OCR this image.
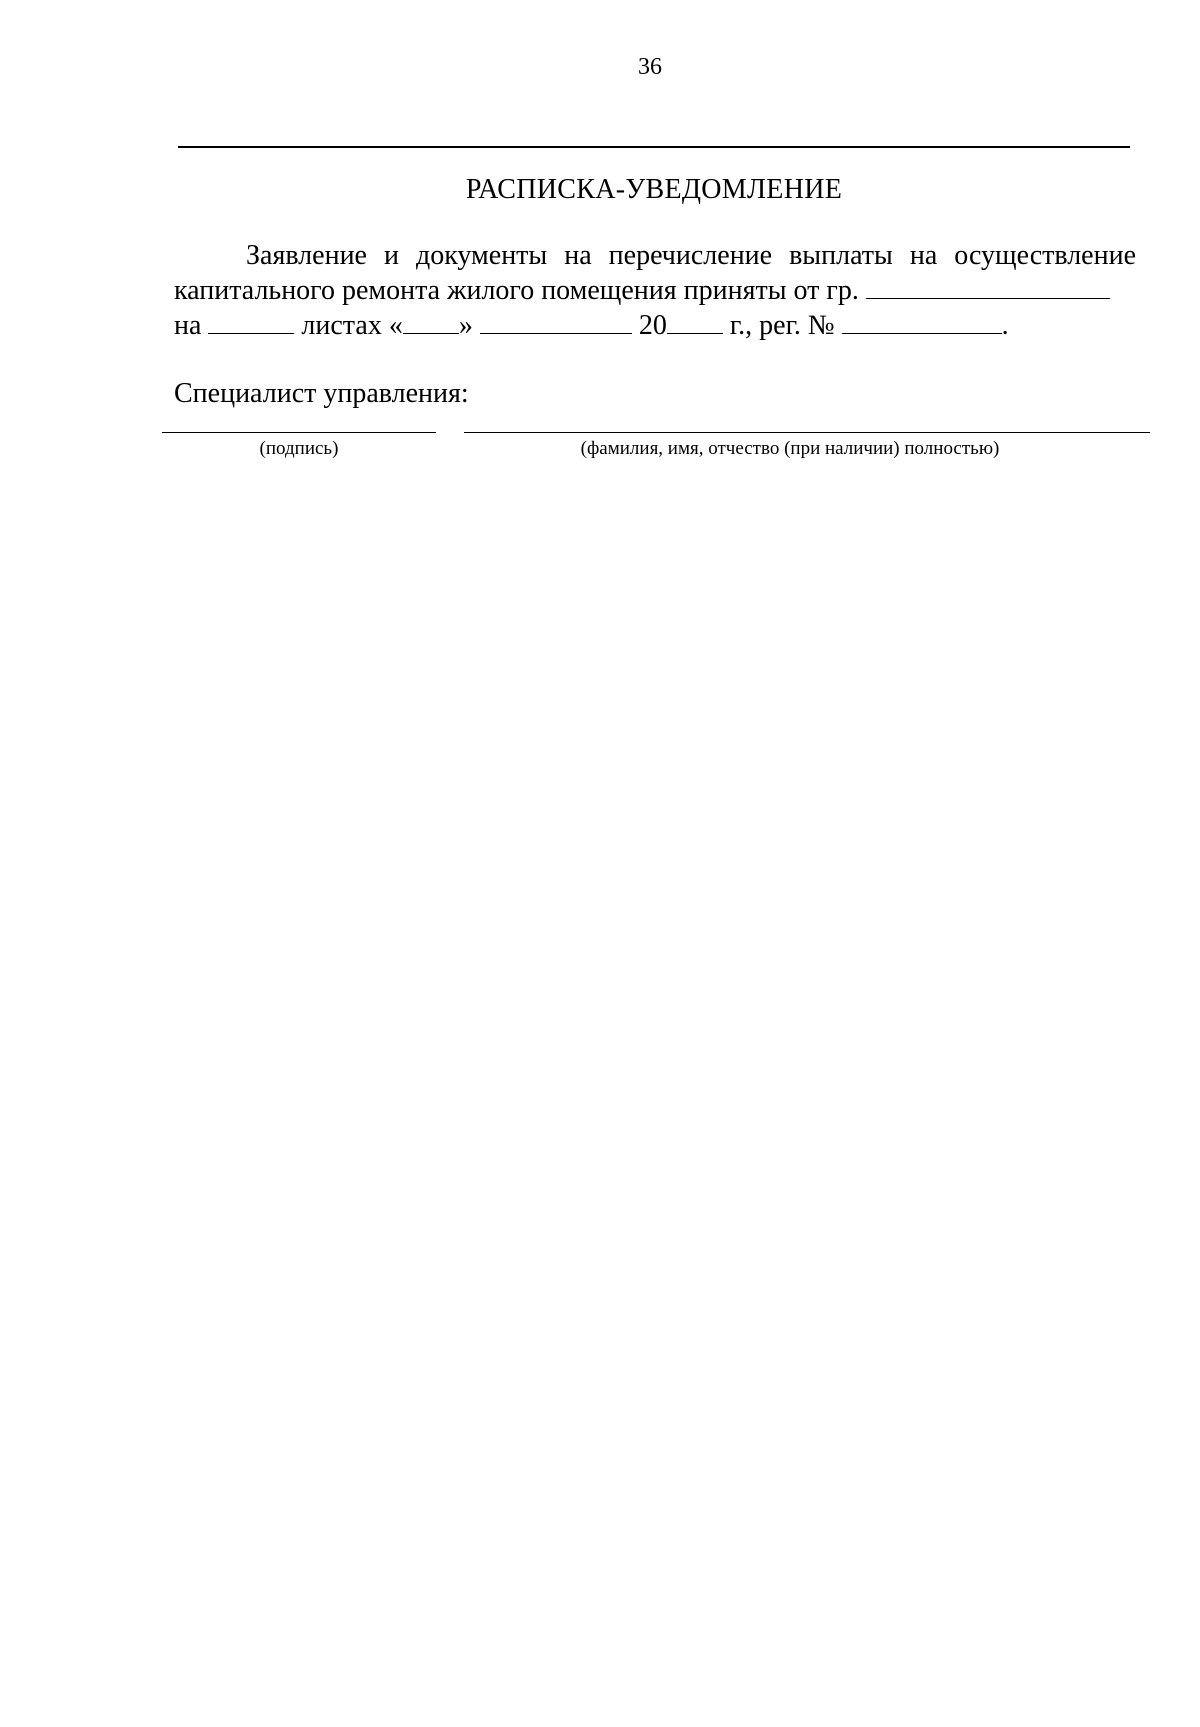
36
РАСПИСКА-УВЕДОМЛЕНИЕ
Заявление и документы на перечисление выплаты на осуществление
капитального ремонта жилого помещения приняты от гр.
на	листах « »	20 г., рег. №	.
Специалист управления:
(подпись)	(фамилия, имя, отчество (при наличии) полностью)
